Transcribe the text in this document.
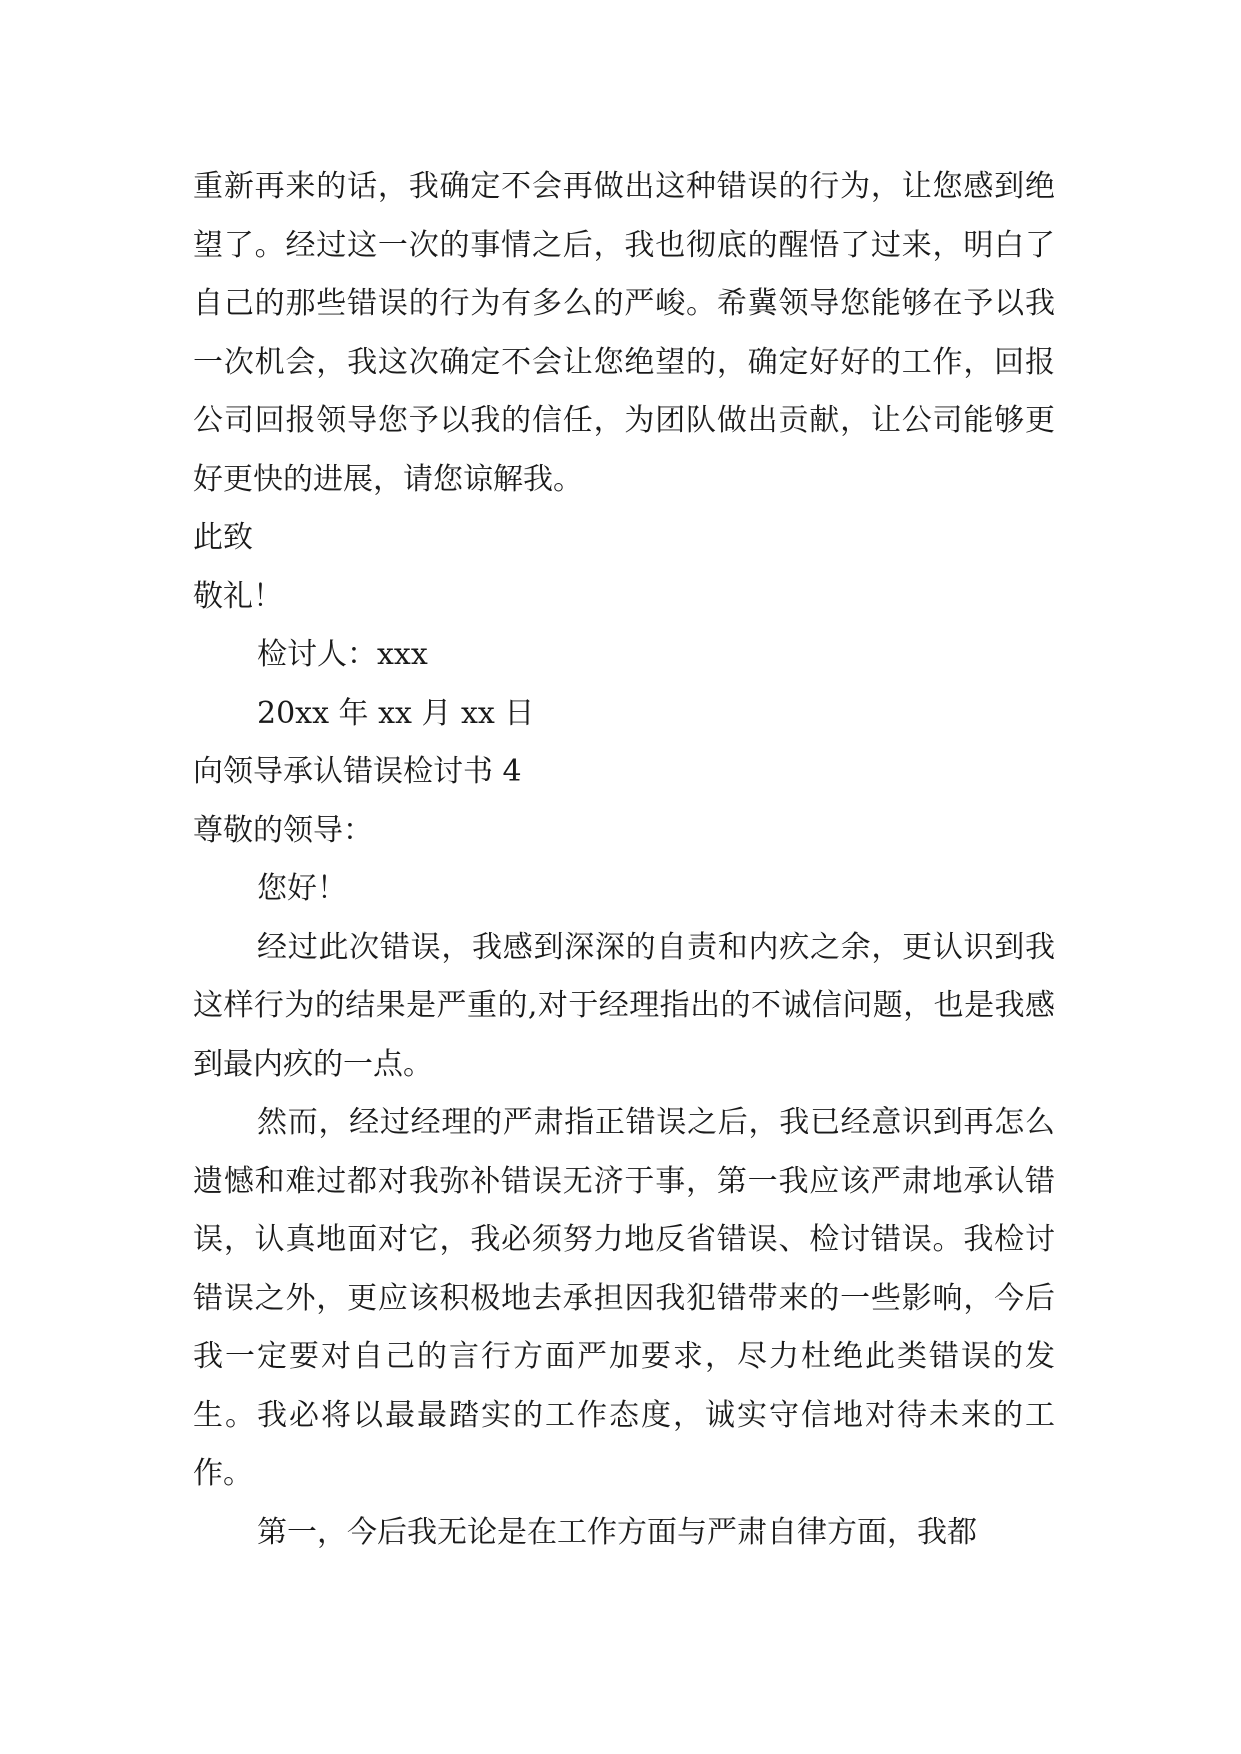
重新再来的话，我确定不会再做出这种错误的行为，让您感到绝望了。经过这一次的事情之后，我也彻底的醒悟了过来，明白了自己的那些错误的行为有多么的严峻。希冀领导您能够在予以我一次机会，我这次确定不会让您绝望的，确定好好的工作，回报公司回报领导您予以我的信任，为团队做出贡献，让公司能够更好更快的进展，请您谅解我。

此致

敬礼！

检讨人：xxx

20xx 年 xx 月 xx 日

向领导承认错误检讨书 4

尊敬的领导：

您好！

经过此次错误，我感到深深的自责和内疚之余，更认识到我这样行为的结果是严重的,对于经理指出的不诚信问题，也是我感到最内疚的一点。

然而，经过经理的严肃指正错误之后，我已经意识到再怎么遗憾和难过都对我弥补错误无济于事，第一我应该严肃地承认错误，认真地面对它，我必须努力地反省错误、检讨错误。我检讨错误之外，更应该积极地去承担因我犯错带来的一些影响，今后我一定要对自己的言行方面严加要求，尽力杜绝此类错误的发生。我必将以最最踏实的工作态度，诚实守信地对待未来的工作。

第一，今后我无论是在工作方面与严肃自律方面，我都
